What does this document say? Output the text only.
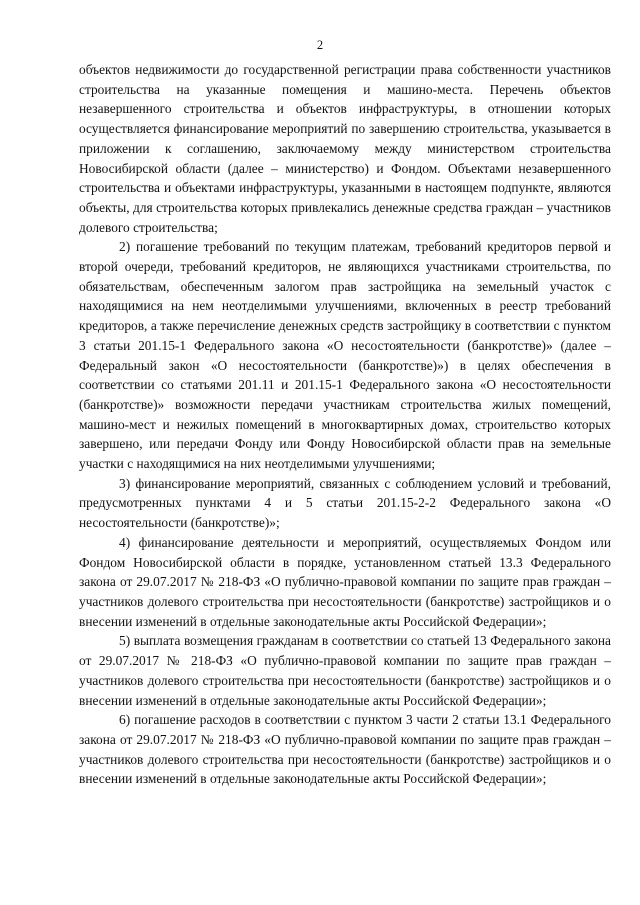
2

объектов недвижимости до государственной регистрации права собственности участников строительства на указанные помещения и машино-места. Перечень объектов незавершенного строительства и объектов инфраструктуры, в отношении которых осуществляется финансирование мероприятий по завершению строительства, указывается в приложении к соглашению, заключаемому между министерством строительства Новосибирской области (далее – министерство) и Фондом. Объектами незавершенного строительства и объектами инфраструктуры, указанными в настоящем подпункте, являются объекты, для строительства которых привлекались денежные средства граждан – участников долевого строительства;

2) погашение требований по текущим платежам, требований кредиторов первой и второй очереди, требований кредиторов, не являющихся участниками строительства, по обязательствам, обеспеченным залогом прав застройщика на земельный участок с находящимися на нем неотделимыми улучшениями, включенных в реестр требований кредиторов, а также перечисление денежных средств застройщику в соответствии с пунктом 3 статьи 201.15-1 Федерального закона «О несостоятельности (банкротстве)» (далее – Федеральный закон «О несостоятельности (банкротстве)») в целях обеспечения в соответствии со статьями 201.11 и 201.15-1 Федерального закона «О несостоятельности (банкротстве)» возможности передачи участникам строительства жилых помещений, машино-мест и нежилых помещений в многоквартирных домах, строительство которых завершено, или передачи Фонду или Фонду Новосибирской области прав на земельные участки с находящимися на них неотделимыми улучшениями;

3) финансирование мероприятий, связанных с соблюдением условий и требований, предусмотренных пунктами 4 и 5 статьи 201.15-2-2 Федерального закона «О несостоятельности (банкротстве)»;

4) финансирование деятельности и мероприятий, осуществляемых Фондом или Фондом Новосибирской области в порядке, установленном статьей 13.3 Федерального закона от 29.07.2017 № 218-ФЗ «О публично-правовой компании по защите прав граждан – участников долевого строительства при несостоятельности (банкротстве) застройщиков и о внесении изменений в отдельные законодательные акты Российской Федерации»;

5) выплата возмещения гражданам в соответствии со статьей 13 Федерального закона от 29.07.2017 № 218-ФЗ «О публично-правовой компании по защите прав граждан – участников долевого строительства при несостоятельности (банкротстве) застройщиков и о внесении изменений в отдельные законодательные акты Российской Федерации»;

6) погашение расходов в соответствии с пунктом 3 части 2 статьи 13.1 Федерального закона от 29.07.2017 № 218-ФЗ «О публично-правовой компании по защите прав граждан – участников долевого строительства при несостоятельности (банкротстве) застройщиков и о внесении изменений в отдельные законодательные акты Российской Федерации»;
